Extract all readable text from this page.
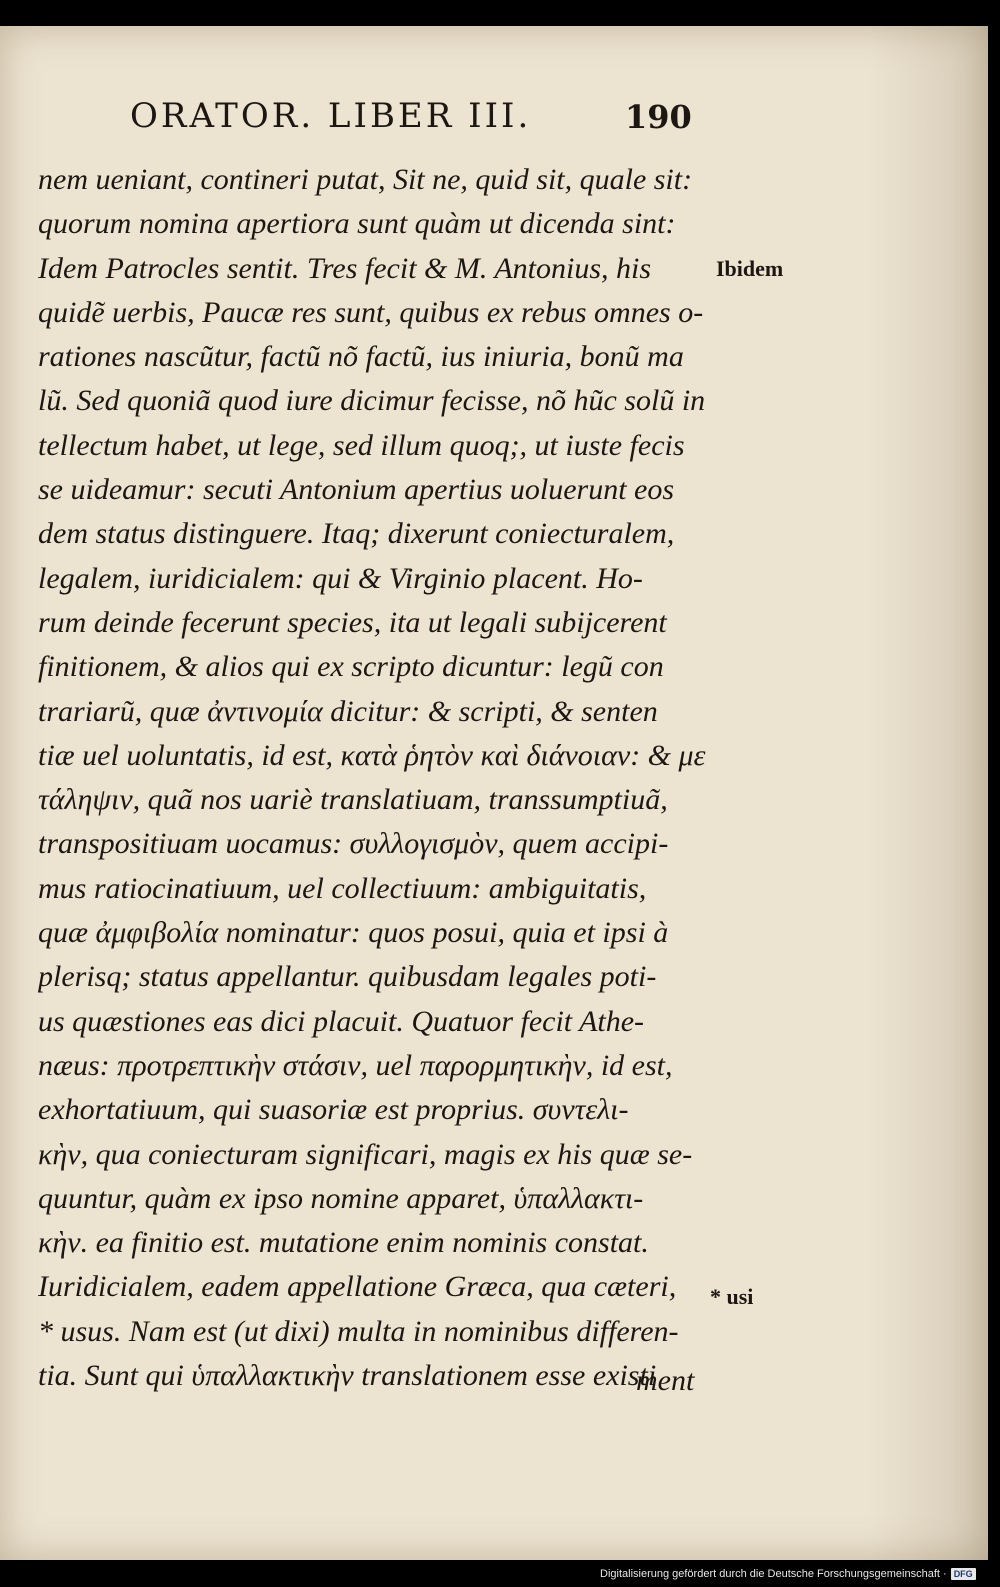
ORATOR. LIBER III.	190
nem ueniant, contineri putat, Sit ne, quid sit, quale sit:
quorum nomina apertiora sunt quàm ut dicenda sint:
Idem Patrocles sentit. Tres fecit & M. Antonius, his
quidẽ uerbis, Paucæ res sunt, quibus ex rebus omnes o-
rationes nascũtur, factũ nõ factũ, ius iniuria, bonũ ma
lũ. Sed quoniã quod iure dicimur fecisse, nõ hũc solũ in
tellectum habet, ut lege, sed illum quoq;, ut iuste fecis
se uideamur: secuti Antonium apertius uoluerunt eos
dem status distinguere. Itaq; dixerunt coniecturalem,
legalem, iuridicialem: qui & Virginio placent. Ho-
rum deinde fecerunt species, ita ut legali subijcerent
finitionem, & alios qui ex scripto dicuntur: legũ con
trariarũ, quæ ἀντινομία dicitur: & scripti, & senten
tiæ uel uoluntatis, id est, κατὰ ῥητὸν καὶ διάνοιαν: & με
τάληψιν, quã nos uariè translatiuam, transsumptiuã,
transpositiuam uocamus: συλλογισμὸν, quem accipi-
mus ratiocinatiuum, uel collectiuum: ambiguitatis,
quæ ἀμφιβολία nominatur: quos posui, quia et ipsi à
plerisq; status appellantur. quibusdam legales poti-
us quæstiones eas dici placuit. Quatuor fecit Athe-
næus: προτρεπτικὴν στάσιν, uel παρορμητικὴν, id est,
exhortatiuum, qui suasoriæ est proprius. συντελι-
κὴν, qua coniecturam significari, magis ex his quæ se-
quuntur, quàm ex ipso nomine apparet, ὑπαλλακτι-
κὴν. ea finitio est. mutatione enim nominis constat.
Iuridicialem, eadem appellatione Græca, qua cæteri,
* usus. Nam est (ut dixi) multa in nominibus differen-
tia. Sunt qui ὑπαλλακτικὴν translationem esse existi
ment
Ibidem
* usi
Digitalisierung gefördert durch die Deutsche Forschungsgemeinschaft · DFG
